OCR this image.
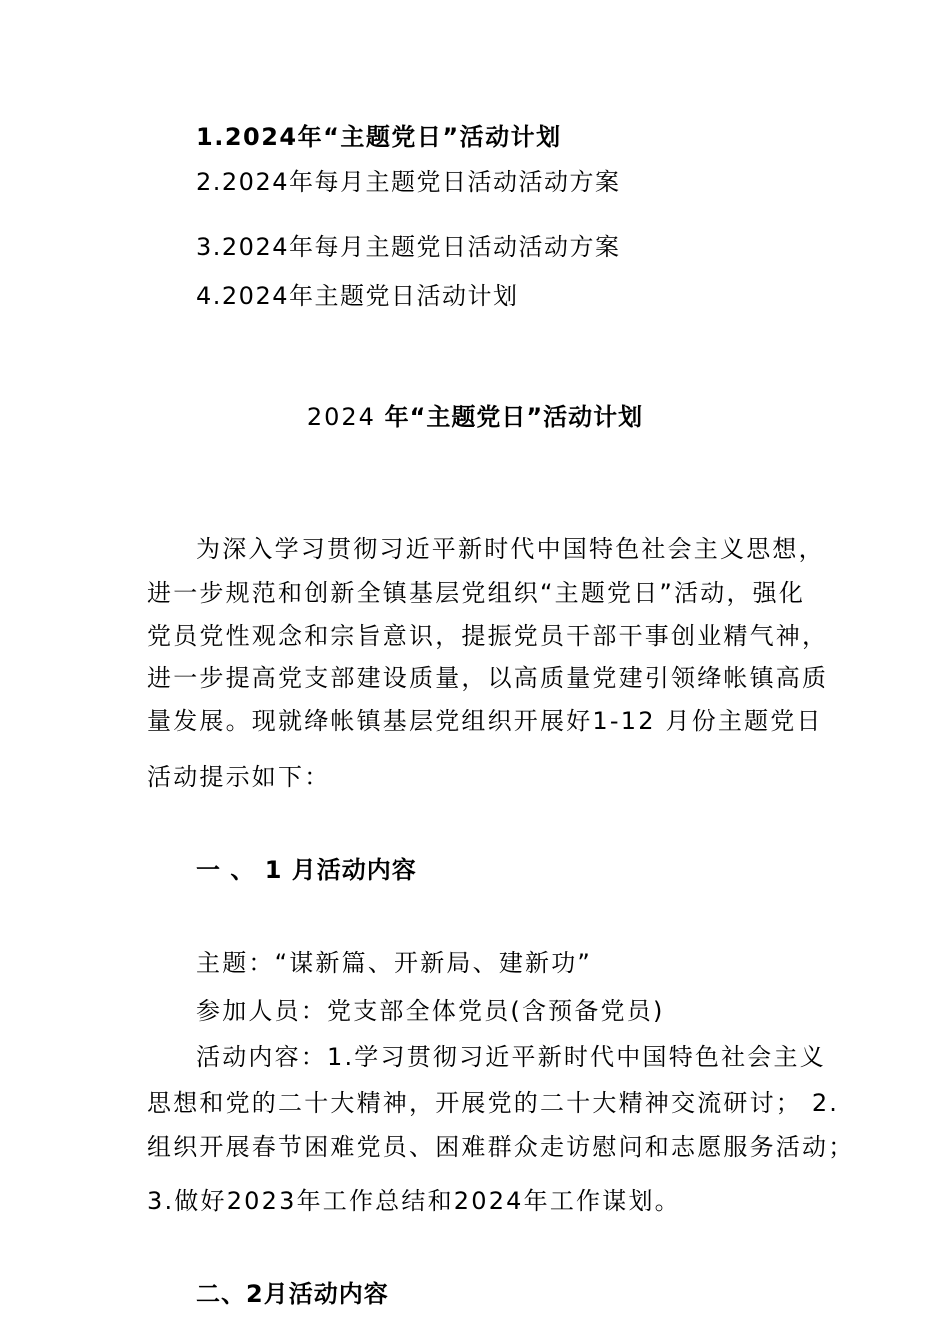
1.2024年“主题党日”活动计划
2.2024年每月主题党日活动活动方案
3.2024年每月主题党日活动活动方案
4.2024年主题党日活动计划
2024 年“主题党日”活动计划
为深入学习贯彻习近平新时代中国特色社会主义思想，
进一步规范和创新全镇基层党组织“主题党日”活动，强化
党员党性观念和宗旨意识，提振党员干部干事创业精气神，
进一步提高党支部建设质量，以高质量党建引领绛帐镇高质
量发展。现就绛帐镇基层党组织开展好1-12 月份主题党日
活动提示如下：
一 、 1 月活动内容
主题：“谋新篇、开新局、建新功”
参加人员：党支部全体党员(含预备党员)
活动内容：1.学习贯彻习近平新时代中国特色社会主义
思想和党的二十大精神，开展党的二十大精神交流研讨； 2.
组织开展春节困难党员、困难群众走访慰问和志愿服务活动；
3.做好2023年工作总结和2024年工作谋划。
二、2月活动内容
